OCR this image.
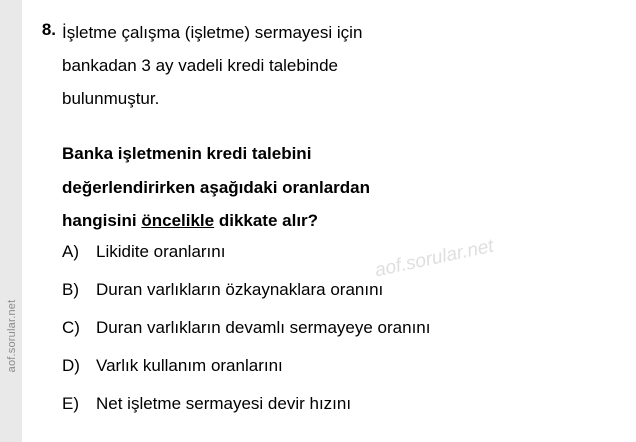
aof.sorular.net
8. İşletme çalışma (işletme) sermayesi için
bankadan 3 ay vadeli kredi talebinde
bulunmuştur.
Banka işletmenin kredi talebini
değerlendirirken aşağıdaki oranlardan
hangisini öncelikle dikkate alır?
A) Likidite oranlarını
B) Duran varlıkların özkaynaklara oranını
C) Duran varlıkların devamlı sermayeye oranını
D) Varlık kullanım oranlarını
E) Net işletme sermayesi devir hızını
aof.sorular.net
